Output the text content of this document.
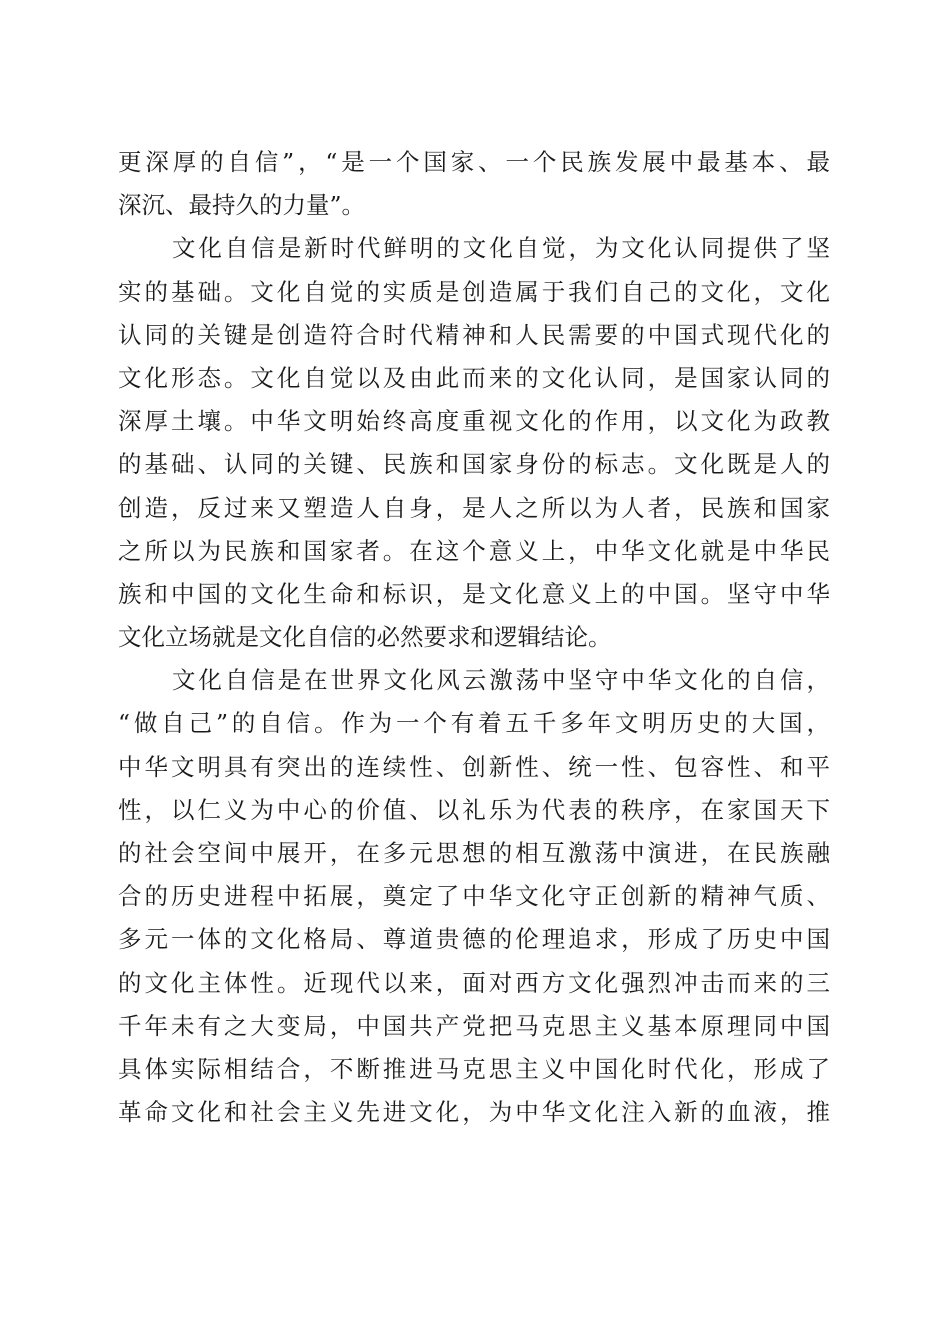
更深厚的自信”，“是一个国家、一个民族发展中最基本、最
深沉、最持久的力量”。
文化自信是新时代鲜明的文化自觉，为文化认同提供了坚
实的基础。文化自觉的实质是创造属于我们自己的文化，文化
认同的关键是创造符合时代精神和人民需要的中国式现代化的
文化形态。文化自觉以及由此而来的文化认同，是国家认同的
深厚土壤。中华文明始终高度重视文化的作用，以文化为政教
的基础、认同的关键、民族和国家身份的标志。文化既是人的
创造，反过来又塑造人自身，是人之所以为人者，民族和国家
之所以为民族和国家者。在这个意义上，中华文化就是中华民
族和中国的文化生命和标识，是文化意义上的中国。坚守中华
文化立场就是文化自信的必然要求和逻辑结论。
文化自信是在世界文化风云激荡中坚守中华文化的自信，
“做自己”的自信。作为一个有着五千多年文明历史的大国，
中华文明具有突出的连续性、创新性、统一性、包容性、和平
性，以仁义为中心的价值、以礼乐为代表的秩序，在家国天下
的社会空间中展开，在多元思想的相互激荡中演进，在民族融
合的历史进程中拓展，奠定了中华文化守正创新的精神气质、
多元一体的文化格局、尊道贵德的伦理追求，形成了历史中国
的文化主体性。近现代以来，面对西方文化强烈冲击而来的三
千年未有之大变局，中国共产党把马克思主义基本原理同中国
具体实际相结合，不断推进马克思主义中国化时代化，形成了
革命文化和社会主义先进文化，为中华文化注入新的血液，推
